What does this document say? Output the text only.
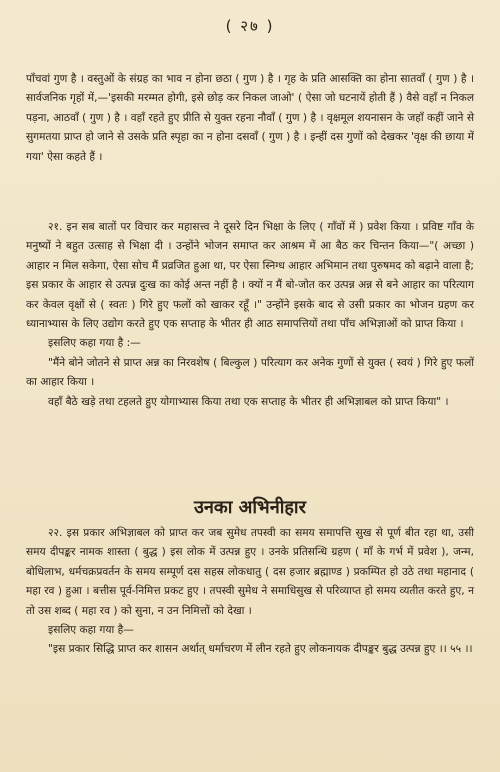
( २७ )

पाँचवां गुण है । वस्तुओं के संग्रह का भाव न होना छठा ( गुण ) है । गृह के प्रति आसक्ति का होना सातवाँ ( गुण ) है । सार्वजनिक गृहों में,—'इसकी मरम्मत होगी, इसे छोड़ कर निकल जाओ' ( ऐसा जो घटनायें होती हैं ) वैसे वहाँ न निकल पड़ना, आठवाँ ( गुण ) है । वहाँ रहते हुए प्रीति से युक्त रहना नौवाँ ( गुण ) है । वृक्षमूल शयनासन के जहाँ कहीं जाने से सुगमतया प्राप्त हो जाने से उसके प्रति स्पृहा का न होना दसवाँ ( गुण ) है । इन्हीं दस गुणों को देखकर 'वृक्ष की छाया में गया' ऐसा कहते हैं ।

२१. इन सब बातों पर विचार कर महासत्त्व ने दूसरे दिन भिक्षा के लिए ( गाँवों में ) प्रवेश किया । प्रविष्ट गाँव के मनुष्यों ने बहुत उत्साह से भिक्षा दी । उन्होंने भोजन समाप्त कर आश्रम में आ बैठ कर चिन्तन किया—"( अच्छा ) आहार न मिल सकेगा, ऐसा सोच मैं प्रव्रजित हुआ था, पर ऐसा स्निग्ध आहार अभिमान तथा पुरुषमद को बढ़ाने वाला है; इस प्रकार के आहार से उत्पन्न दुःख का कोई अन्त नहीं है । क्यों न मैं बो-जोत कर उत्पन्न अन्न से बने आहार का परित्याग कर केवल वृक्षों से ( स्वतः ) गिरे हुए फलों को खाकर रहूँ ।" उन्होंने इसके बाद से उसी प्रकार का भोजन ग्रहण कर ध्यानाभ्यास के लिए उद्योग करते हुए एक सप्ताह के भीतर ही आठ समापत्तियों तथा पाँच अभिज्ञाओं को प्राप्त किया ।

इसलिए कहा गया है :—

"मैंने बोने जोतने से प्राप्त अन्न का निरवशेष ( बिल्कुल ) परित्याग कर अनेक गुणों से युक्त ( स्वयं ) गिरे हुए फलों का आहार किया ।

वहाँ बैठे खड़े तथा टहलते हुए योगाभ्यास किया तथा एक सप्ताह के भीतर ही अभिज्ञाबल को प्राप्त किया" ।

उनका अभिनीहार

२२. इस प्रकार अभिज्ञाबल को प्राप्त कर जब सुमेध तपस्वी का समय समापत्ति सुख से पूर्ण बीत रहा था, उसी समय दीपङ्कर नामक शास्ता ( बुद्ध ) इस लोक में उत्पन्न हुए । उनके प्रतिसन्धि ग्रहण ( माँ के गर्भ में प्रवेश ), जन्म, बोधिलाभ, धर्मचक्रप्रवर्तन के समय सम्पूर्ण दस सहस्र लोकधातु ( दस हजार ब्रह्माण्ड ) प्रकम्पित हो उठे तथा महानाद ( महा रव ) हुआ । बत्तीस पूर्व-निमित्त प्रकट हुए । तपस्वी सुमेध ने समाधिसुख से परिव्याप्त हो समय व्यतीत करते हुए, न तो उस शब्द ( महा रव ) को सुना, न उन निमित्तों को देखा ।

इसलिए कहा गया है—

"इस प्रकार सिद्धि प्राप्त कर शासन अर्थात् धर्माचरण में लीन रहते हुए लोकनायक दीपङ्कर बुद्ध उत्पन्न हुए ।। ५५ ।।
